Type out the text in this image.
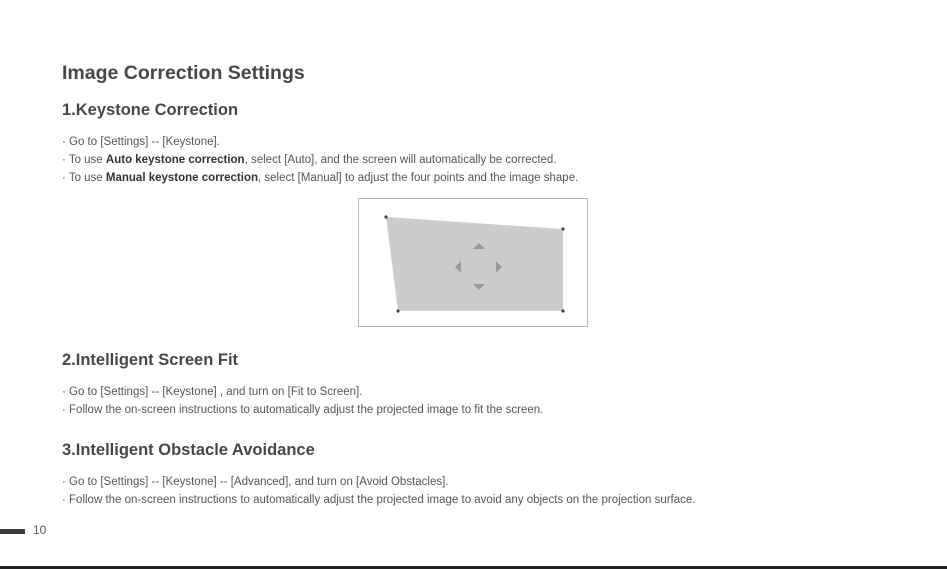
Image Correction Settings
1.Keystone Correction
· Go to [Settings] -- [Keystone].
· To use Auto keystone correction, select [Auto], and the screen will automatically be corrected.
· To use Manual keystone correction, select [Manual] to adjust the four points and the image shape.
2.Intelligent Screen Fit
· Go to [Settings] -- [Keystone] , and turn on [Fit to Screen].
· Follow the on-screen instructions to automatically adjust the projected image to fit the screen.
3.Intelligent Obstacle Avoidance
· Go to [Settings] -- [Keystone] -- [Advanced], and turn on [Avoid Obstacles].
· Follow the on-screen instructions to automatically adjust the projected image to avoid any objects on the projection surface.
10
